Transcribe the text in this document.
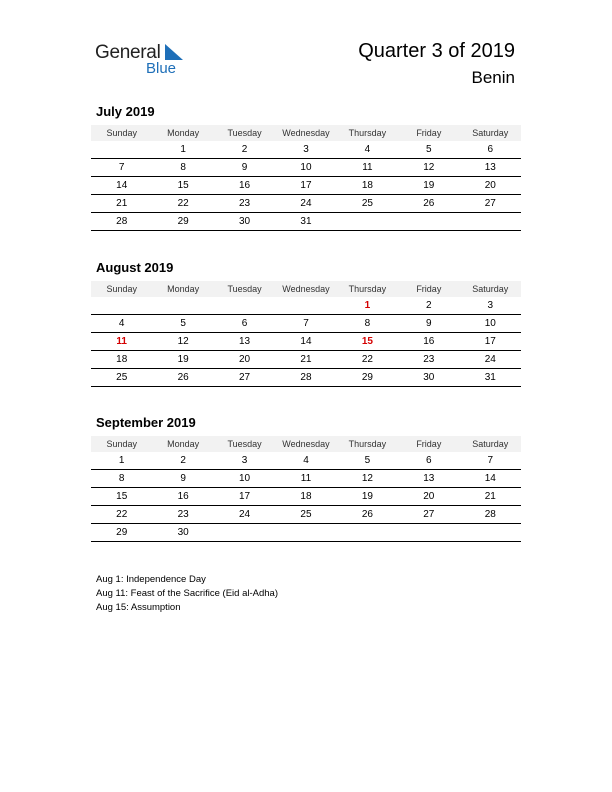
General
Blue
Quarter 3 of 2019
Benin
July 2019
Sunday	Monday	Tuesday	Wednesday	Thursday	Friday	Saturday
	1	2	3	4	5	6
7	8	9	10	11	12	13
14	15	16	17	18	19	20
21	22	23	24	25	26	27
28	29	30	31			
August 2019
Sunday	Monday	Tuesday	Wednesday	Thursday	Friday	Saturday
				1	2	3
4	5	6	7	8	9	10
11	12	13	14	15	16	17
18	19	20	21	22	23	24
25	26	27	28	29	30	31
September 2019
Sunday	Monday	Tuesday	Wednesday	Thursday	Friday	Saturday
1	2	3	4	5	6	7
8	9	10	11	12	13	14
15	16	17	18	19	20	21
22	23	24	25	26	27	28
29	30					
Aug 1: Independence Day
Aug 11: Feast of the Sacrifice (Eid al-Adha)
Aug 15: Assumption
